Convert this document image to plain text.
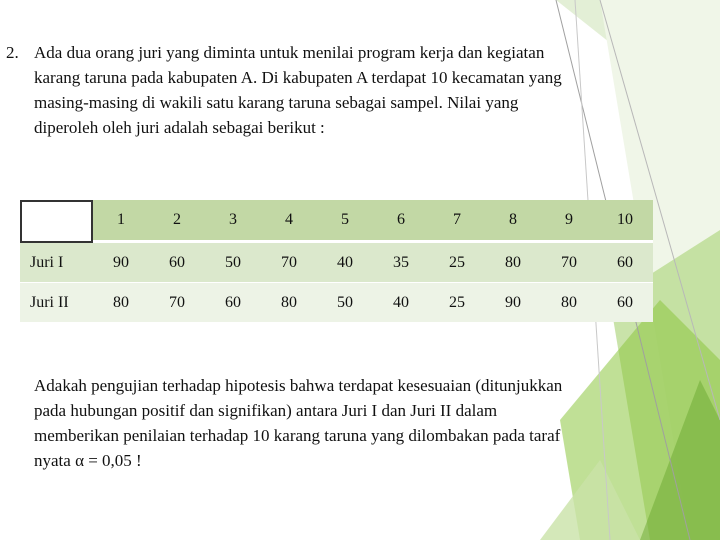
2. Ada dua orang juri yang diminta untuk menilai program kerja dan kegiatan karang taruna pada kabupaten A. Di kabupaten A terdapat 10 kecamatan yang masing-masing di wakili satu karang taruna sebagai sampel. Nilai yang diperoleh oleh juri adalah sebagai berikut :
	1	2	3	4	5	6	7	8	9	10
Juri I	90	60	50	70	40	35	25	80	70	60
Juri II	80	70	60	80	50	40	25	90	80	60
Adakah pengujian terhadap hipotesis bahwa terdapat kesesuaian (ditunjukkan pada hubungan positif dan signifikan) antara Juri I dan Juri II dalam memberikan penilaian terhadap 10 karang taruna yang dilombakan pada taraf nyata α = 0,05 !
